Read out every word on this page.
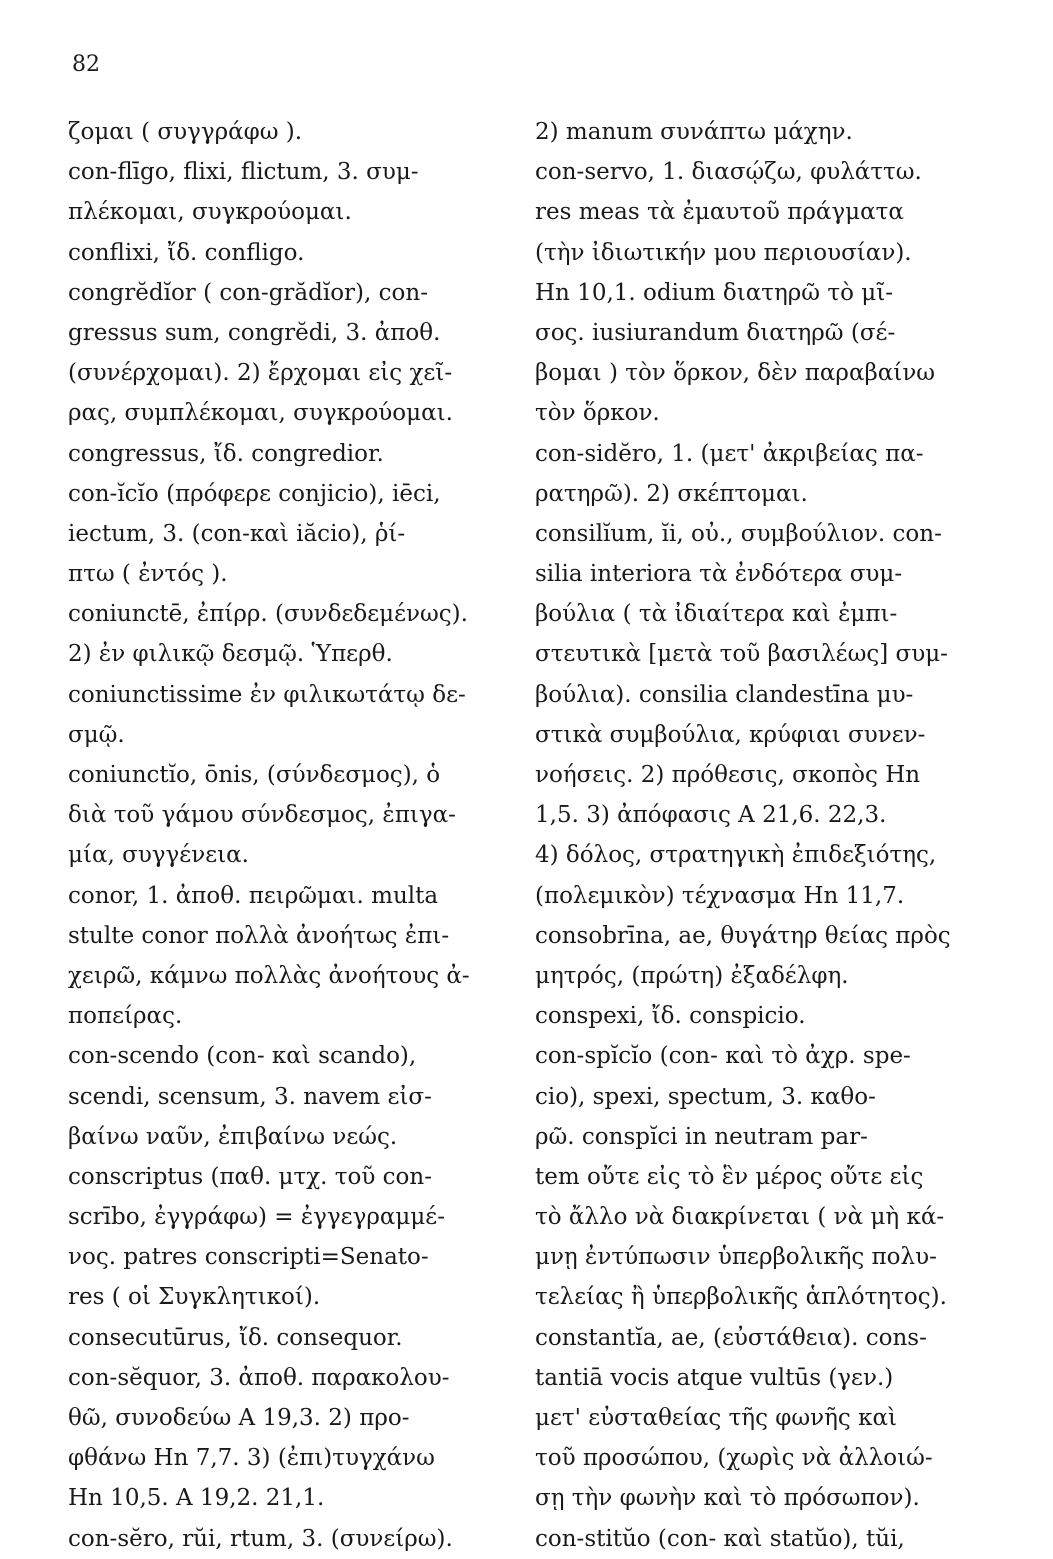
82
ζομαι ( συγγράφω ).
con-flīgo, flixi, flictum, 3. συμ-
πλέκομαι, συγκρούομαι.
conflixi, ἴδ. confligo.
congrĕdĭor ( con-grădĭor), con-
gressus sum, congrĕdi, 3. ἀποθ.
(συνέρχομαι). 2) ἔρχομαι εἰς χεῖ-
ρας, συμπλέκομαι, συγκρούομαι.
congressus, ἴδ. congredior.
con-ĭcĭo (πρόφερε conjicio), iēci,
iectum, 3. (con-καὶ iăcio), ῥί-
πτω ( ἐντός ).
coniunctē, ἐπίρρ. (συνδεδεμένως).
2) ἐν φιλικῷ δεσμῷ. Ὑπερθ.
coniunctissime ἐν φιλικωτάτῳ δε-
σμῷ.
coniunctĭo, ōnis, (σύνδεσμος), ὁ
διὰ τοῦ γάμου σύνδεσμος, ἐπιγα-
μία, συγγένεια.
conor, 1. ἀποθ. πειρῶμαι. multa
stulte conor πολλὰ ἀνοήτως ἐπι-
χειρῶ, κάμνω πολλὰς ἀνοήτους ἀ-
ποπείρας.
con-scendo (con- καὶ scando),
scendi, scensum, 3. navem εἰσ-
βαίνω ναῦν, ἐπιβαίνω νεώς.
conscriptus (παθ. μτχ. τοῦ con-
scrībo, ἐγγράφω) = ἐγγεγραμμέ-
νος. patres conscripti=Senato-
res ( οἱ Συγκλητικοί).
consecutūrus, ἴδ. consequor.
con-sĕquor, 3. ἀποθ. παρακολου-
θῶ, συνοδεύω A 19,3. 2) προ-
φθάνω Hn 7,7. 3) (ἐπι)τυγχάνω
Hn 10,5. A 19,2. 21,1.
con-sĕro, rŭi, rtum, 3. (συνείρω).
2) manum συνάπτω μάχην.
con-servo, 1. διασῴζω, φυλάττω.
res meas τὰ ἐμαυτοῦ πράγματα
(τὴν ἰδιωτικήν μου περιουσίαν).
Hn 10,1. odium διατηρῶ τὸ μῖ-
σος. iusiurandum διατηρῶ (σέ-
βομαι ) τὸν ὅρκον, δὲν παραβαίνω
τὸν ὅρκον.
con-sidĕro, 1. (μετ' ἀκριβείας πα-
ρατηρῶ). 2) σκέπτομαι.
consilĭum, ĭi, οὐ., συμβούλιον. con-
silia interiora τὰ ἐνδότερα συμ-
βούλια ( τὰ ἰδιαίτερα καὶ ἐμπι-
στευτικὰ [μετὰ τοῦ βασιλέως] συμ-
βούλια). consilia clandestīna μυ-
στικὰ συμβούλια, κρύφιαι συνεν-
νοήσεις. 2) πρόθεσις, σκοπὸς Hn
1,5. 3) ἀπόφασις A 21,6. 22,3.
4) δόλος, στρατηγικὴ ἐπιδεξιότης,
(πολεμικὸν) τέχνασμα Hn 11,7.
consobrīna, ae, θυγάτηρ θείας πρὸς
μητρός, (πρώτη) ἐξαδέλφη.
conspexi, ἴδ. conspicio.
con-spĭcĭo (con- καὶ τὸ ἀχρ. spe-
cio), spexi, spectum, 3. καθο-
ρῶ. conspĭci in neutram par-
tem οὔτε εἰς τὸ ἓν μέρος οὔτε εἰς
τὸ ἄλλο νὰ διακρίνεται ( νὰ μὴ κά-
μνῃ ἐντύπωσιν ὑπερβολικῆς πολυ-
τελείας ἢ ὑπερβολικῆς ἁπλότητος).
constantĭa, ae, (εὐστάθεια). cons-
tantiā vocis atque vultūs (γεν.)
μετ' εὐσταθείας τῆς φωνῆς καὶ
τοῦ προσώπου, (χωρὶς νὰ ἀλλοιώ-
σῃ τὴν φωνὴν καὶ τὸ πρόσωπον).
con-stitŭo (con- καὶ statŭo), tŭi,
